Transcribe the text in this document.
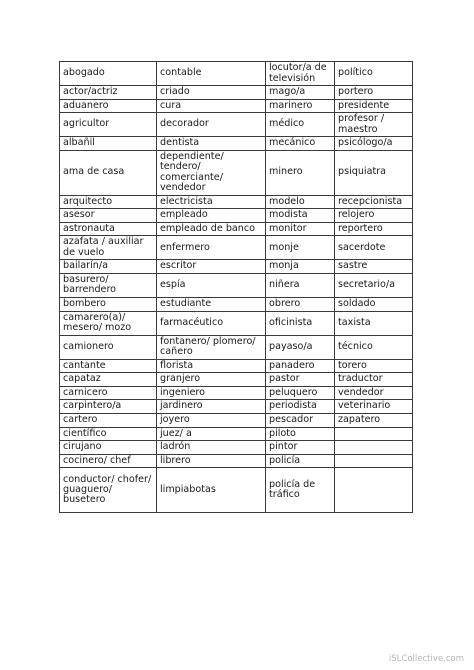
abogado	contable	locutor/a de televisión	político
actor/actriz	criado	mago/a	portero
aduanero	cura	marinero	presidente
agricultor	decorador	médico	profesor / maestro
albañil	dentista	mecánico	psicólogo/a
ama de casa	dependiente/ tendero/ comerciante/ vendedor	minero	psiquiatra
arquitecto	electricista	modelo	recepcionista
asesor	empleado	modista	relojero
astronauta	empleado de banco	monitor	reportero
azafata / auxiliar de vuelo	enfermero	monje	sacerdote
bailarín/a	escritor	monja	sastre
basurero/ barrendero	espía	niñera	secretario/a
bombero	estudiante	obrero	soldado
camarero(a)/ mesero/ mozo	farmacéutico	oficinista	taxista
camionero	fontanero/ plomero/ cañero	payaso/a	técnico
cantante	florista	panadero	torero
capataz	granjero	pastor	traductor
carnicero	ingeniero	peluquero	vendedor
carpintero/a	jardinero	periodista	veterinario
cartero	joyero	pescador	zapatero
científico	juez/ a	piloto	
cirujano	ladrón	pintor	
cocinero/ chef	librero	policía	
conductor/ chofer/ guaguero/ busetero	limpiabotas	policía de tráfico	
iSLCollective.com
